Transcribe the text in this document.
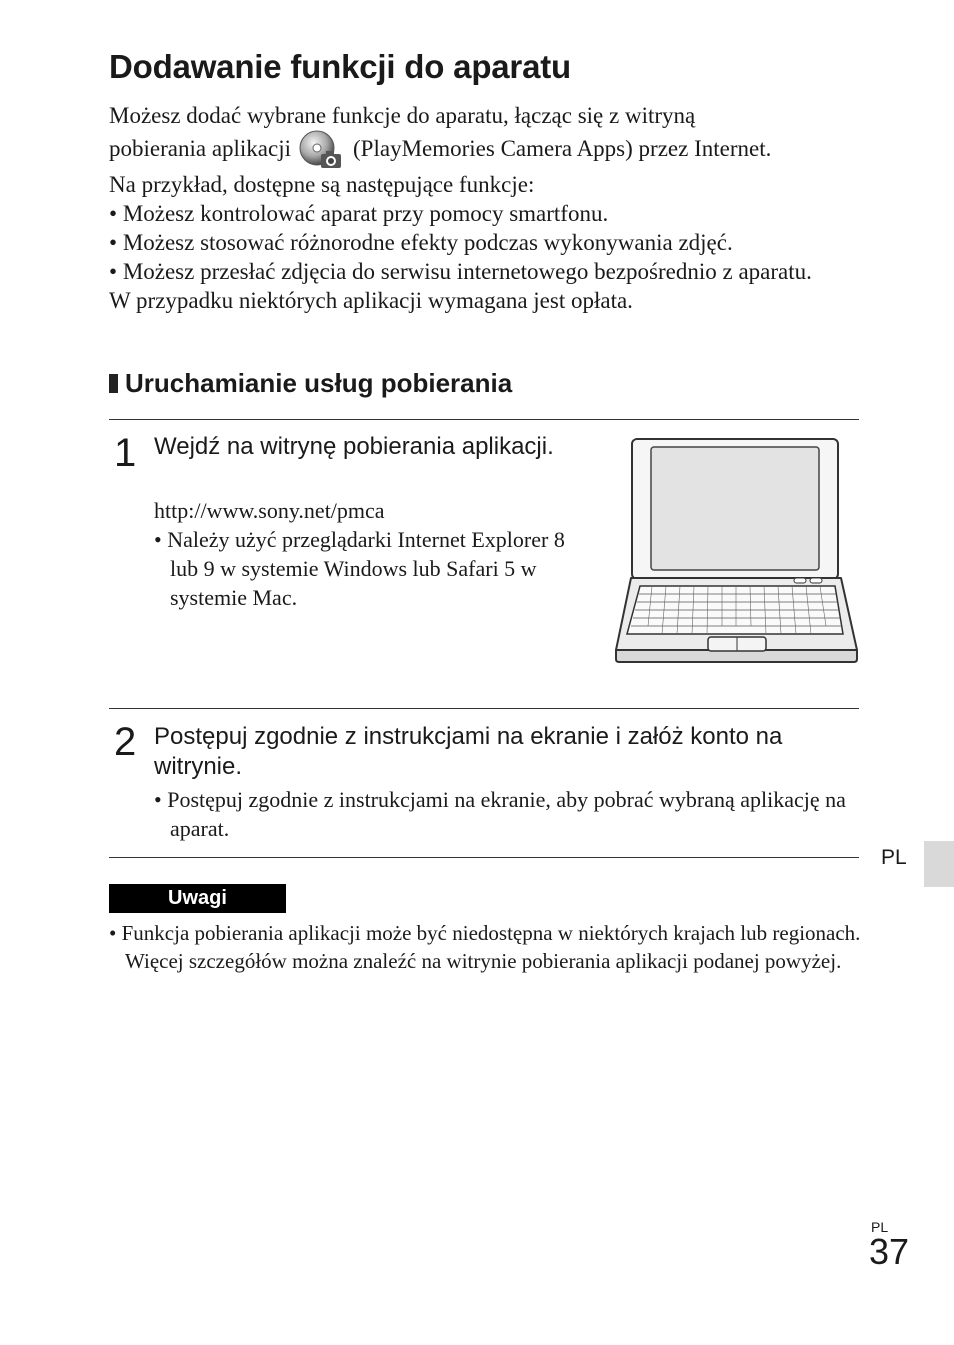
Dodawanie funkcji do aparatu

Możesz dodać wybrane funkcje do aparatu, łącząc się z witryną

pobierania aplikacji	(PlayMemories Camera Apps) przez Internet.

Na przykład, dostępne są następujące funkcje:

• Możesz kontrolować aparat przy pomocy smartfonu.

• Możesz stosować różnorodne efekty podczas wykonywania zdjęć.

• Możesz przesłać zdjęcia do serwisu internetowego bezpośrednio z aparatu.

W przypadku niektórych aplikacji wymagana jest opłata.

Uruchamianie usług pobierania
1 Wejdź na witrynę pobierania aplikacji.
http://www.sony.net/pmca
• Należy użyć przeglądarki Internet Explorer 8 lub 9 w systemie Windows lub Safari 5 w systemie Mac.
2 Postępuj zgodnie z instrukcjami na ekranie i załóż konto na witrynie.
• Postępuj zgodnie z instrukcjami na ekranie, aby pobrać wybraną aplikację na aparat.
Uwagi
• Funkcja pobierania aplikacji może być niedostępna w niektórych krajach lub regionach. Więcej szczegółów można znaleźć na witrynie pobierania aplikacji podanej powyżej.
PL
PL
37
